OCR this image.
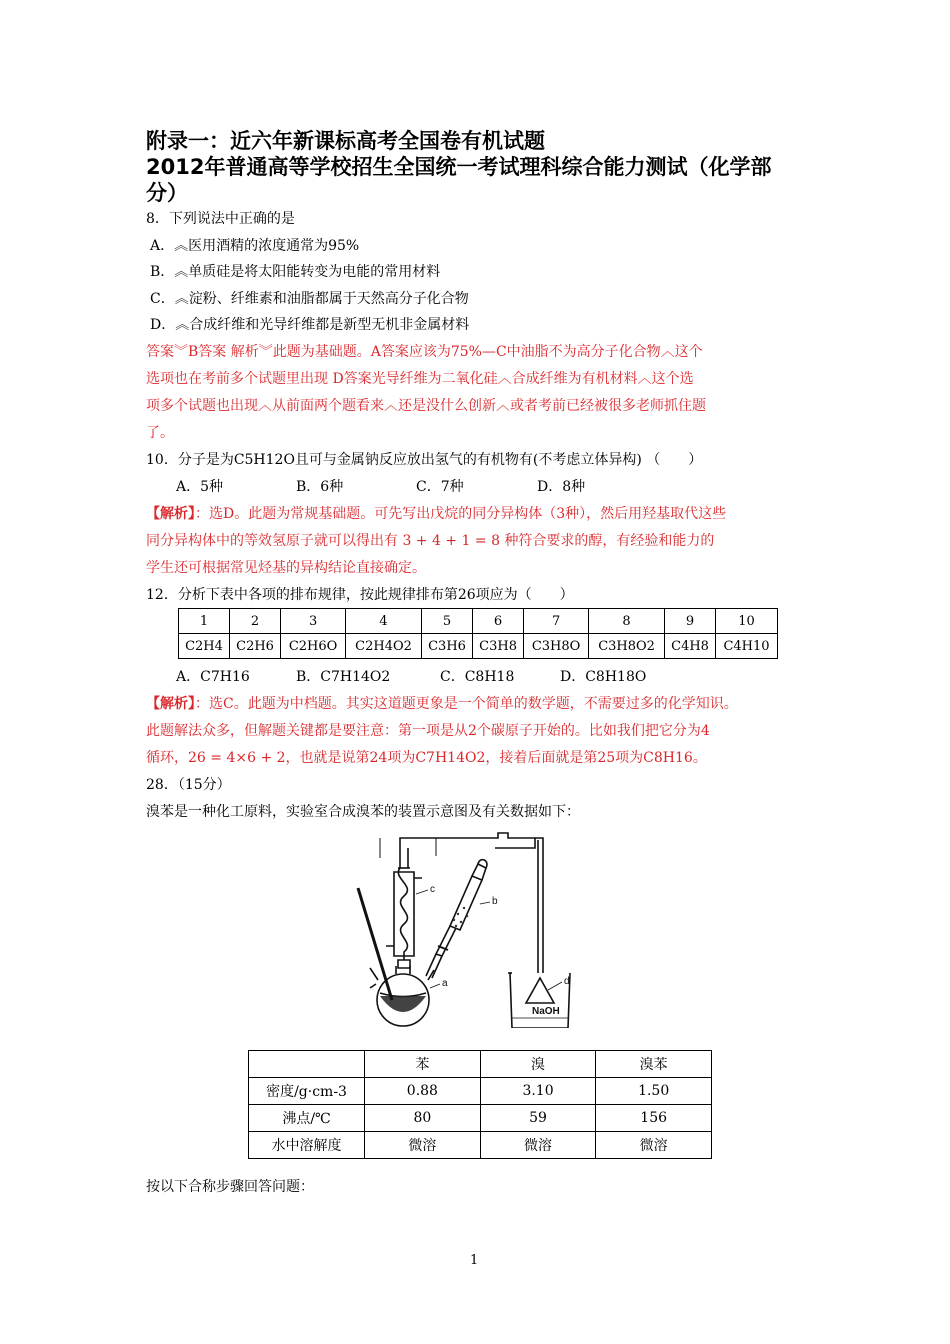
附录一：近六年新课标高考全国卷有机试题
2012年普通高等学校招生全国统一考试理科综合能力测试（化学部
分）
8．下列说法中正确的是
A．︽医用酒精的浓度通常为95%
B．︽单质硅是将太阳能转变为电能的常用材料
C．︽淀粉、纤维素和油脂都属于天然高分子化合物
D．︽合成纤维和光导纤维都是新型无机非金属材料
答案︾B答案 解析︾此题为基础题。A答案应该为75%—C中油脂不为高分子化合物︿这个
选项也在考前多个试题里出现 D答案光导纤维为二氧化硅︿合成纤维为有机材料︿这个选
项多个试题也出现︿从前面两个题看来︿还是没什么创新︿或者考前已经被很多老师抓住题
了。
10．分子是为C5H12O且可与金属钠反应放出氢气的有机物有(不考虑立体异构) （　　）
A．5种	B．6种	C．7种	D．8种
【解析】：选D。此题为常规基础题。可先写出戊烷的同分异构体（3种），然后用羟基取代这些
同分异构体中的等效氢原子就可以得出有 3 + 4 + 1 = 8 种符合要求的醇，有经验和能力的
学生还可根据常见烃基的异构结论直接确定。
12．分析下表中各项的排布规律，按此规律排布第26项应为（　　）
1	2	3	4	5	6	7	8	9	10
C2H4	C2H6	C2H6O	C2H4O2	C3H6	C3H8	C3H8O	C3H8O2	C4H8	C4H10
A．C7H16	B．C7H14O2	C．C8H18	D．C8H18O
【解析】：选C。此题为中档题。其实这道题更象是一个简单的数学题，不需要过多的化学知识。
此题解法众多，但解题关键都是要注意：第一项是从2个碳原子开始的。比如我们把它分为4
循环，26 = 4×6 + 2，也就是说第24项为C7H14O2，接着后面就是第25项为C8H16。
28．（15分）
溴苯是一种化工原料，实验室合成溴苯的装置示意图及有关数据如下：
c
b
a	d
NaOH
	苯	溴	溴苯
密度/g·cm-3	0.88	3.10	1.50
沸点/℃	80	59	156
水中溶解度	微溶	微溶	微溶
按以下合称步骤回答问题：
1
